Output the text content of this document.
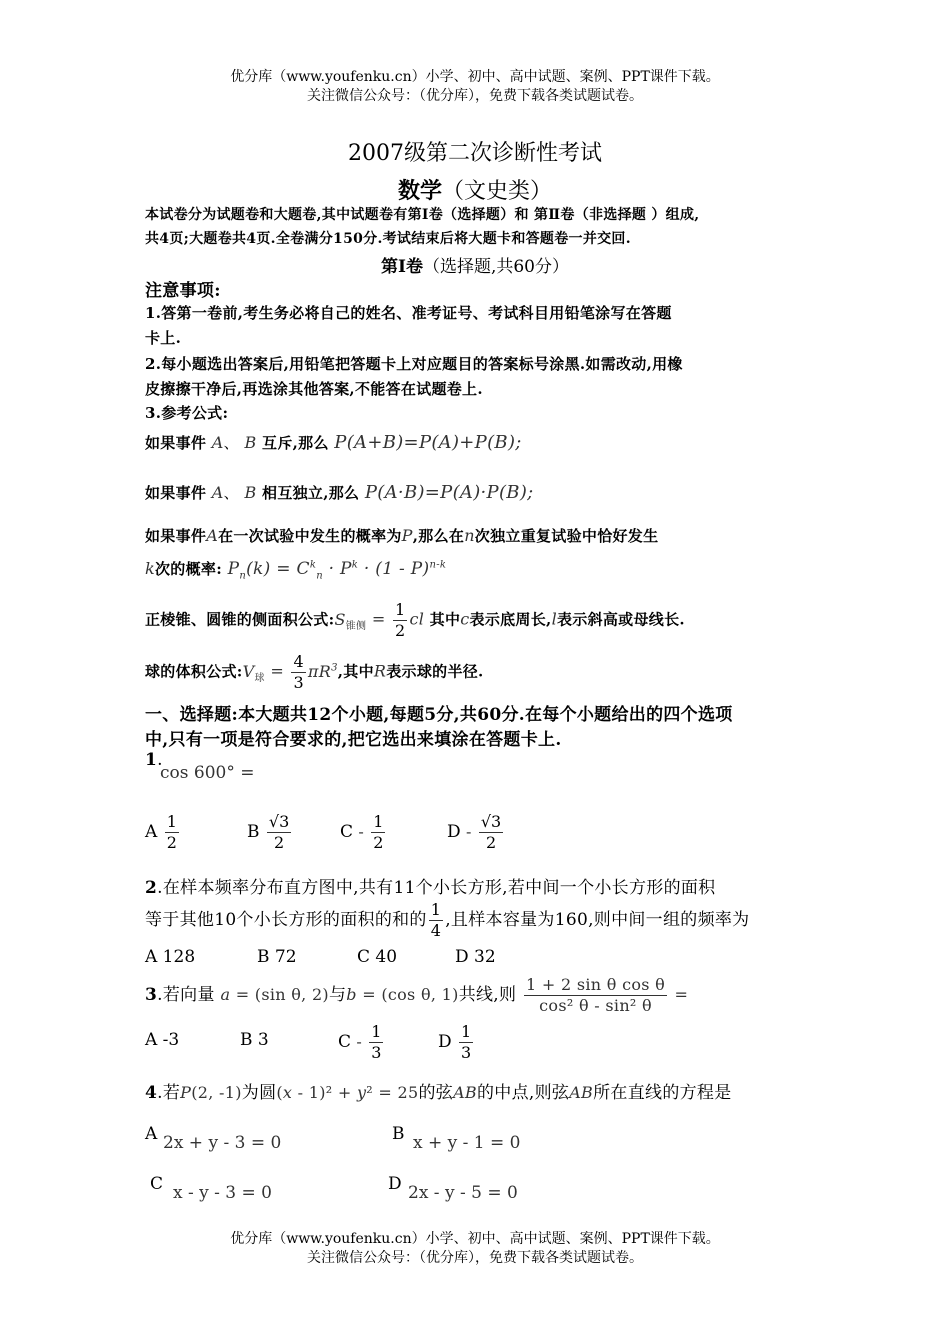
优分库（www.youfenku.cn）小学、初中、高中试题、案例、PPT课件下载。
关注微信公众号：（优分库），免费下载各类试题试卷。
2007级第二次诊断性考试
数学（文史类）
本试卷分为试题卷和大题卷,其中试题卷有第Ⅰ卷（选择题）和 第Ⅱ卷（非选择题 ）组成,
共4页;大题卷共4页.全卷满分150分.考试结束后将大题卡和答题卷一并交回.
第Ⅰ卷（选择题,共60分）
注意事项:
1.答第一卷前,考生务必将自己的姓名、准考证号、考试科目用铅笔涂写在答题
卡上.
2.每小题选出答案后,用铅笔把答题卡上对应题目的答案标号涂黑.如需改动,用橡
皮擦擦干净后,再选涂其他答案,不能答在试题卷上.
3.参考公式:
如果事件 A、 B 互斥,那么 P(A+B)=P(A)+P(B);
如果事件 A、 B 相互独立,那么 P(A·B)=P(A)·P(B);
如果事件A在一次试验中发生的概率为P,那么在n次独立重复试验中恰好发生
k次的概率: $P_n(k) = C^k_n \cdot P^k \cdot (1 - P)^{n-k}$
正棱锥、圆锥的侧面积公式$:S_{锥侧} = \frac{1}{2}$ cl 其中c表示底周长,l表示斜高或母线长.
球的体积公式$:V_球 = \frac{4}{3} \pi R^3$,其中R表示球的半径.
一、选择题:本大题共12个小题,每题5分,共60分.在每个小题给出的四个选项
中,只有一项是符合要求的,把它选出来填涂在答题卡上.
1.
cos 600° =
A $\frac{1}{2}$	B $\frac{√3}{2}$	C - $\frac{1}{2}$	D - $\frac{√3}{2}$
2.在样本频率分布直方图中,共有11个小长方形,若中间一个小长方形的面积
等于其他10个小长方形的面积的和的 $\frac{1}{4}$ ,且样本容量为160,则中间一组的频率为
A 128	B 72	C 40	D 32
3.若向量 a = (sin θ, 2)与b = (cos θ, 1)共线,则 $\frac{\text{1 + 2 sin θ cos θ}}{\text{cos² θ - sin² θ}}$ =
A -3	B 3	C - $\frac{1}{3}$	D $\frac{1}{3}$
4.若P(2, -1)为圆(x - 1)² + y² = 25的弦AB的中点,则弦AB所在直线的方程是
A 2x + y - 3 = 0	B x + y - 1 = 0
C x - y - 3 = 0	D 2x - y - 5 = 0
优分库（www.youfenku.cn）小学、初中、高中试题、案例、PPT课件下载。
关注微信公众号：（优分库），免费下载各类试题试卷。
